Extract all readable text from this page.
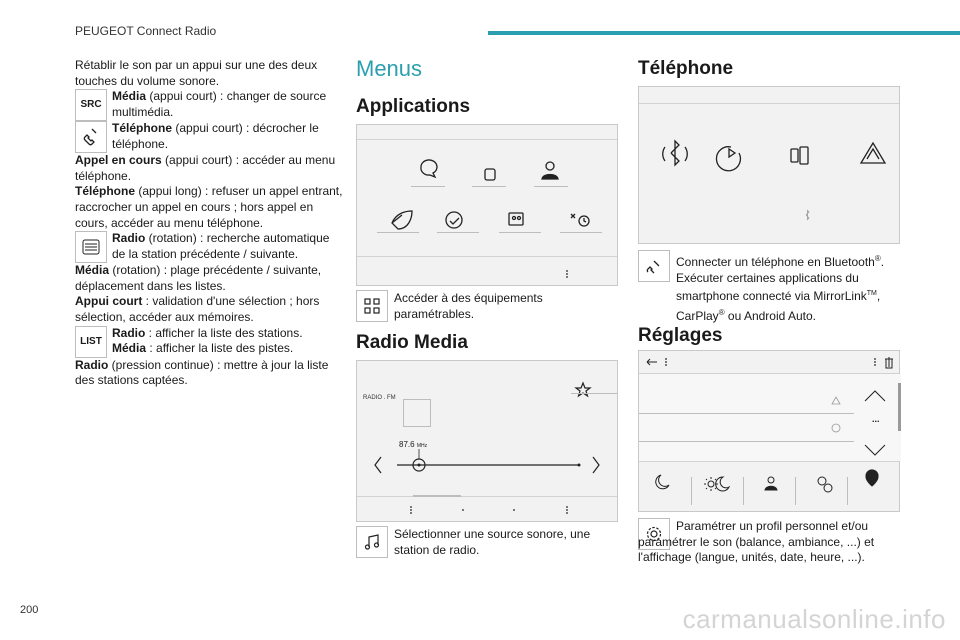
PEUGEOT Connect Radio

Rétablir le son par un appui sur une des deux touches du volume sonore.

SRC
Média (appui court) : changer de source multimédia.
Téléphone (appui court) : décrocher le téléphone.

Appel en cours (appui court) : accéder au menu téléphone.

Téléphone (appui long) : refuser un appel entrant, raccrocher un appel en cours ; hors appel en cours, accéder au menu téléphone.

Radio (rotation) : recherche automatique de la station précédente / suivante.

Média (rotation) : plage précédente / suivante, déplacement dans les listes.

Appui court : validation d'une sélection ; hors sélection, accéder aux mémoires.

LIST
Radio : afficher la liste des stations.
Média : afficher la liste des pistes.

Radio (pression continue) : mettre à jour la liste des stations captées.

Menus
Applications
Accéder à des équipements paramétrables.
Radio Media
RADIO . FM
87.6 MHz
Sélectionner une source sonore, une station de radio.
Téléphone
Connecter un téléphone en Bluetooth®. Exécuter certaines applications du smartphone connecté via MirrorLink™, CarPlay® ou Android Auto.
Réglages
...
Paramétrer un profil personnel et/ou paramétrer le son (balance, ambiance, ...) et l'affichage (langue, unités, date, heure, ...).
200	carmanualsonline.info
